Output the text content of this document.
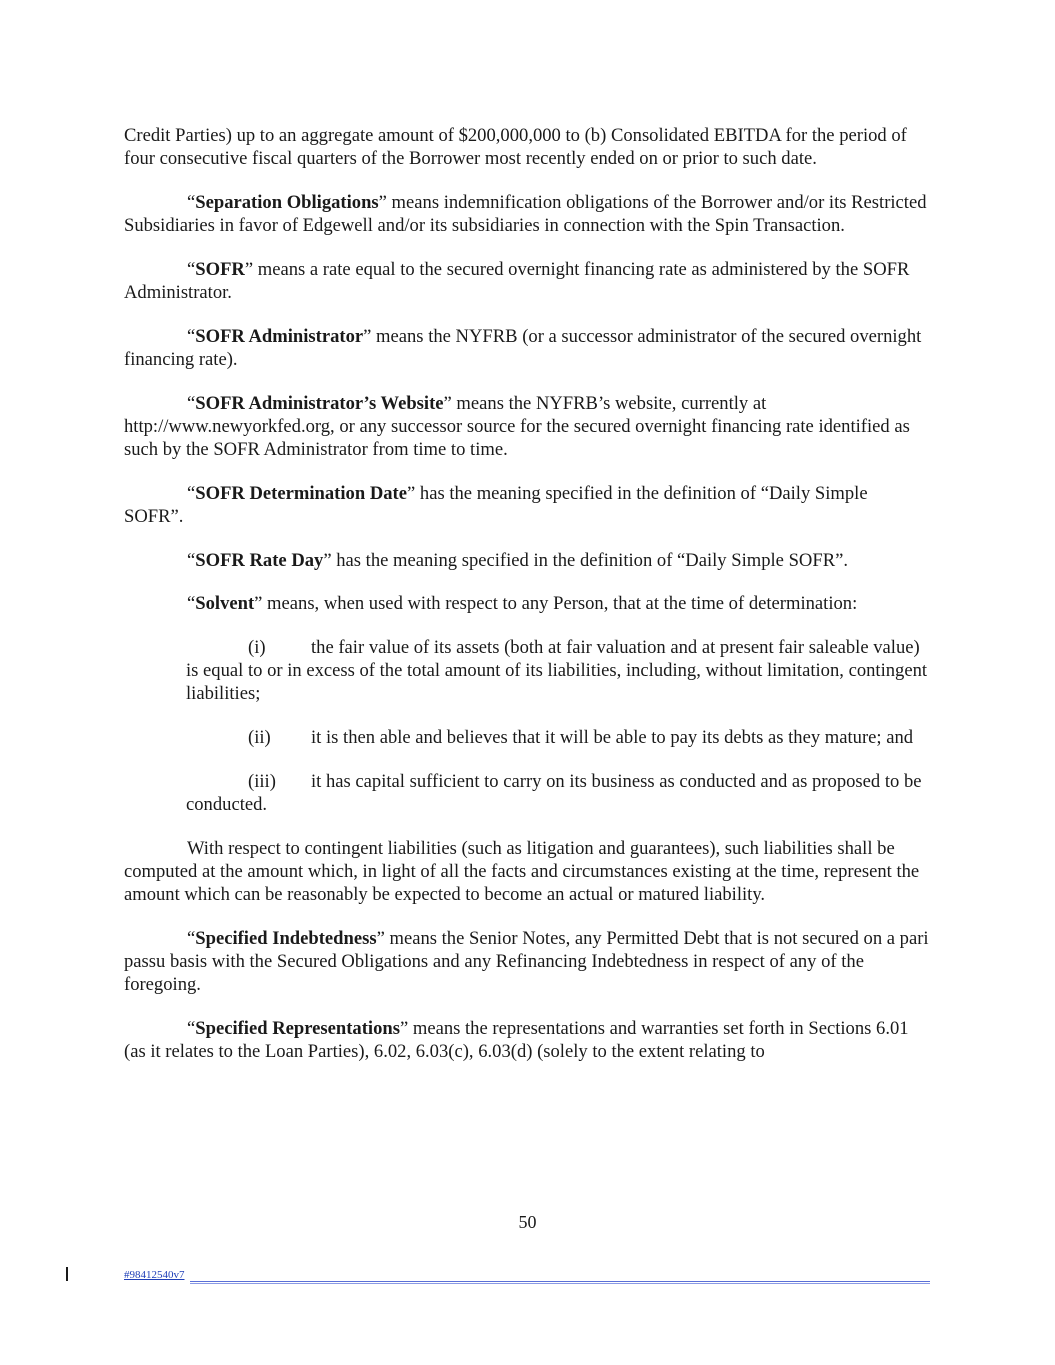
Credit Parties) up to an aggregate amount of $200,000,000 to (b) Consolidated EBITDA for the period of four consecutive fiscal quarters of the Borrower most recently ended on or prior to such date.

“Separation Obligations” means indemnification obligations of the Borrower and/or its Restricted Subsidiaries in favor of Edgewell and/or its subsidiaries in connection with the Spin Transaction.

“SOFR” means a rate equal to the secured overnight financing rate as administered by the SOFR Administrator.

“SOFR Administrator” means the NYFRB (or a successor administrator of the secured overnight financing rate).

“SOFR Administrator’s Website” means the NYFRB’s website, currently at http://www.newyorkfed.org, or any successor source for the secured overnight financing rate identified as such by the SOFR Administrator from time to time.

“SOFR Determination Date” has the meaning specified in the definition of “Daily Simple SOFR”.

“SOFR Rate Day” has the meaning specified in the definition of “Daily Simple SOFR”.

“Solvent” means, when used with respect to any Person, that at the time of determination:

(i) the fair value of its assets (both at fair valuation and at present fair saleable value) is equal to or in excess of the total amount of its liabilities, including, without limitation, contingent liabilities;

(ii) it is then able and believes that it will be able to pay its debts as they mature; and

(iii) it has capital sufficient to carry on its business as conducted and as proposed to be conducted.

With respect to contingent liabilities (such as litigation and guarantees), such liabilities shall be computed at the amount which, in light of all the facts and circumstances existing at the time, represent the amount which can be reasonably be expected to become an actual or matured liability.

“Specified Indebtedness” means the Senior Notes, any Permitted Debt that is not secured on a pari passu basis with the Secured Obligations and any Refinancing Indebtedness in respect of any of the foregoing.

“Specified Representations” means the representations and warranties set forth in Sections 6.01 (as it relates to the Loan Parties), 6.02, 6.03(c), 6.03(d) (solely to the extent relating to

50
#98412540v7
